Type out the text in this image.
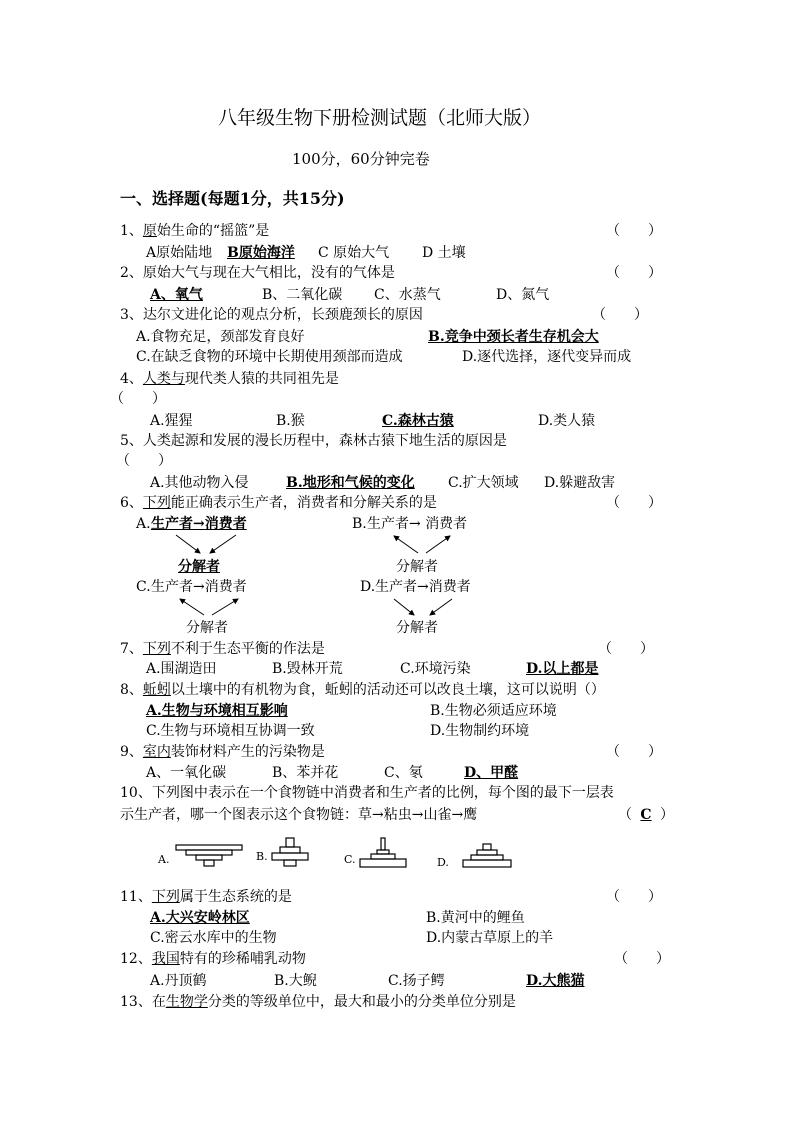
八年级生物下册检测试题（北师大版）
100分，60分钟完卷
一、选择题(每题1分，共15分)
1、原始生命的“摇篮”是	（　　）
A原始陆地 B原始海洋 C 原始大气 D 土壤
2、原始大气与现在大气相比，没有的气体是	（　　）
A、氧气	B、二氧化碳 C、水蒸气	D、氮气
3、达尔文进化论的观点分析，长颈鹿颈长的原因	（　　）
A.食物充足，颈部发育良好	B.竞争中颈长者生存机会大
C.在缺乏食物的环境中长期使用颈部而造成	D.逐代选择，逐代变异而成
4、人类与现代类人猿的共同祖先是
（　　）
A.猩猩	B.猴	C.森林古猿	D.类人猿
5、人类起源和发展的漫长历程中，森林古猿下地生活的原因是
（　　）
A.其他动物入侵	B.地形和气候的变化 C.扩大领域 D.躲避敌害
6、下列能正确表示生产者，消费者和分解关系的是	（　　）
A. 生产者→消费者
分解者
B. 生产者→ 消费者
分解者
C. 生产者→消费者
分解者
D. 生产者→消费者
分解者
7、下列不利于生态平衡的作法是	（　　）
A.围湖造田	B.毁林开荒	C.环境污染	D.以上都是
8、蚯蚓以土壤中的有机物为食，蚯蚓的活动还可以改良土壤，这可以说明（）
A.生物与环境相互影响	B.生物必须适应环境
C.生物与环境相互协调一致	D.生物制约环境
9、室内装饰材料产生的污染物是	（　　）
A、一氧化碳	B、苯并花	C、氡	D、甲醛
10、下列图中表示在一个食物链中消费者和生产者的比例，每个图的最下一层表
示生产者，哪一个图表示这个食物链：草→粘虫→山雀→鹰	（ C ）
A.	B.	C.	D.
11、下列属于生态系统的是	（　　）
A.大兴安岭林区	B.黄河中的鲤鱼
C.密云水库中的生物	D.内蒙古草原上的羊
12、我国特有的珍稀哺乳动物	（　　）
A.丹顶鹤	B.大鲵	C.扬子鳄	D.大熊猫
13、在生物学分类的等级单位中，最大和最小的分类单位分别是
